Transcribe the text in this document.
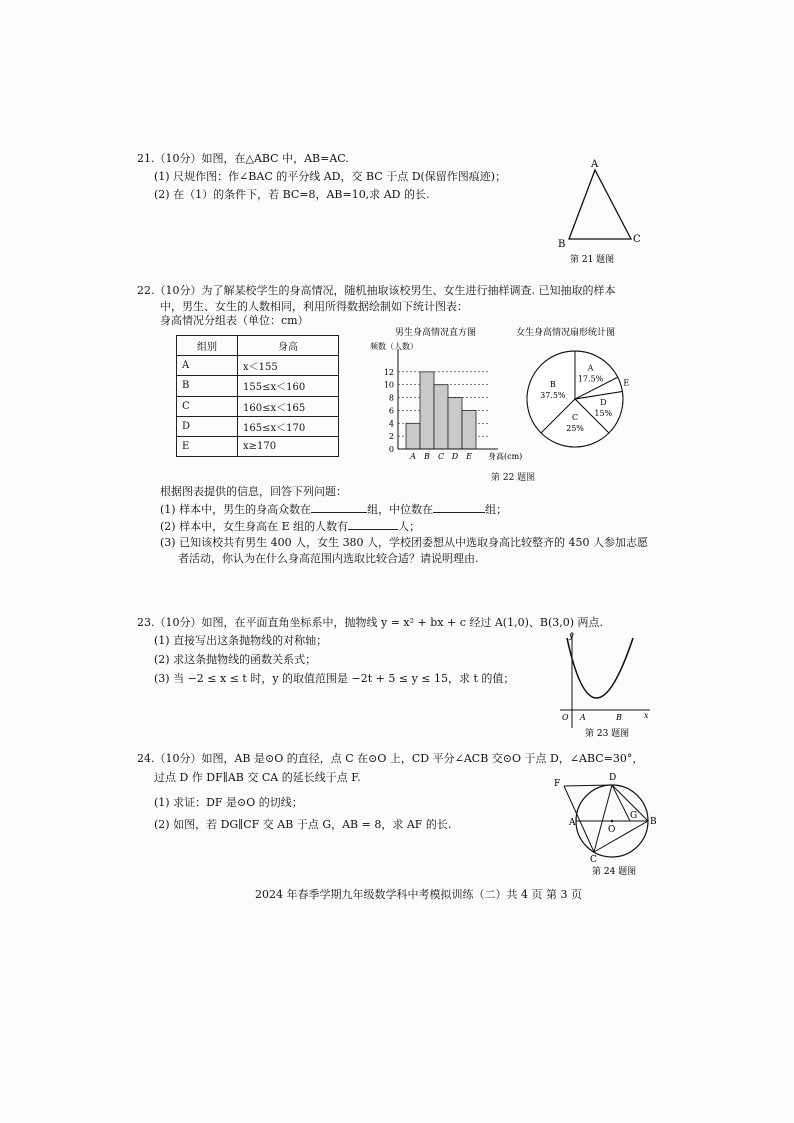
21.（10分）如图，在△ABC 中，AB=AC.
(1) 尺规作图：作∠BAC 的平分线 AD，交 BC 于点 D(保留作图痕迹)；
(2) 在（1）的条件下，若 BC=8，AB=10,求 AD 的长.
A
B	C
第 21 题图
22.（10分）为了解某校学生的身高情况，随机抽取该校男生、女生进行抽样调查. 已知抽取的样本
中，男生、女生的人数相同，利用所得数据绘制如下统计图表：
身高情况分组表（单位：cm）
组别	身高
A	x＜155
B	155≤x＜160
C	160≤x＜165
D	165≤x＜170
E	x≥170
男生身高情况直方图
频数（人数）
0
2
4
6
8
10
12
A B C D E 身高(cm)
女生身高情况扇形统计图
A
17.5%	E
D
15%
C
25%
B
37.5%
第 22 题图
根据图表提供的信息，回答下列问题：
(1) 样本中，男生的身高众数在	组，中位数在	组；
(2) 样本中，女生身高在 E 组的人数有	人；
(3) 已知该校共有男生 400 人，女生 380 人，学校团委想从中选取身高比较整齐的 450 人参加志愿
者活动，你认为在什么身高范围内选取比较合适？请说明理由.
23.（10分）如图，在平面直角坐标系中，抛物线 y = x² + bx + c 经过 A(1,0)、B(3,0) 两点.
(1) 直接写出这条抛物线的对称轴；
(2) 求这条抛物线的函数关系式；
(3) 当 −2 ≤ x ≤ t 时，y 的取值范围是 −2t + 5 ≤ y ≤ 15，求 t 的值；
y
x
O A	B
第 23 题图
24.（10分）如图，AB 是⊙O 的直径，点 C 在⊙O 上，CD 平分∠ACB 交⊙O 于点 D，∠ABC=30°，
过点 D 作 DF∥AB 交 CA 的延长线于点 F.
(1) 求证：DF 是⊙O 的切线；
(2) 如图，若 DG∥CF 交 AB 于点 G，AB = 8，求 AF 的长.
F
D
A
O
G
B
C
第 24 题图
2024 年春季学期九年级数学科中考模拟训练（二）共 4 页 第 3 页
